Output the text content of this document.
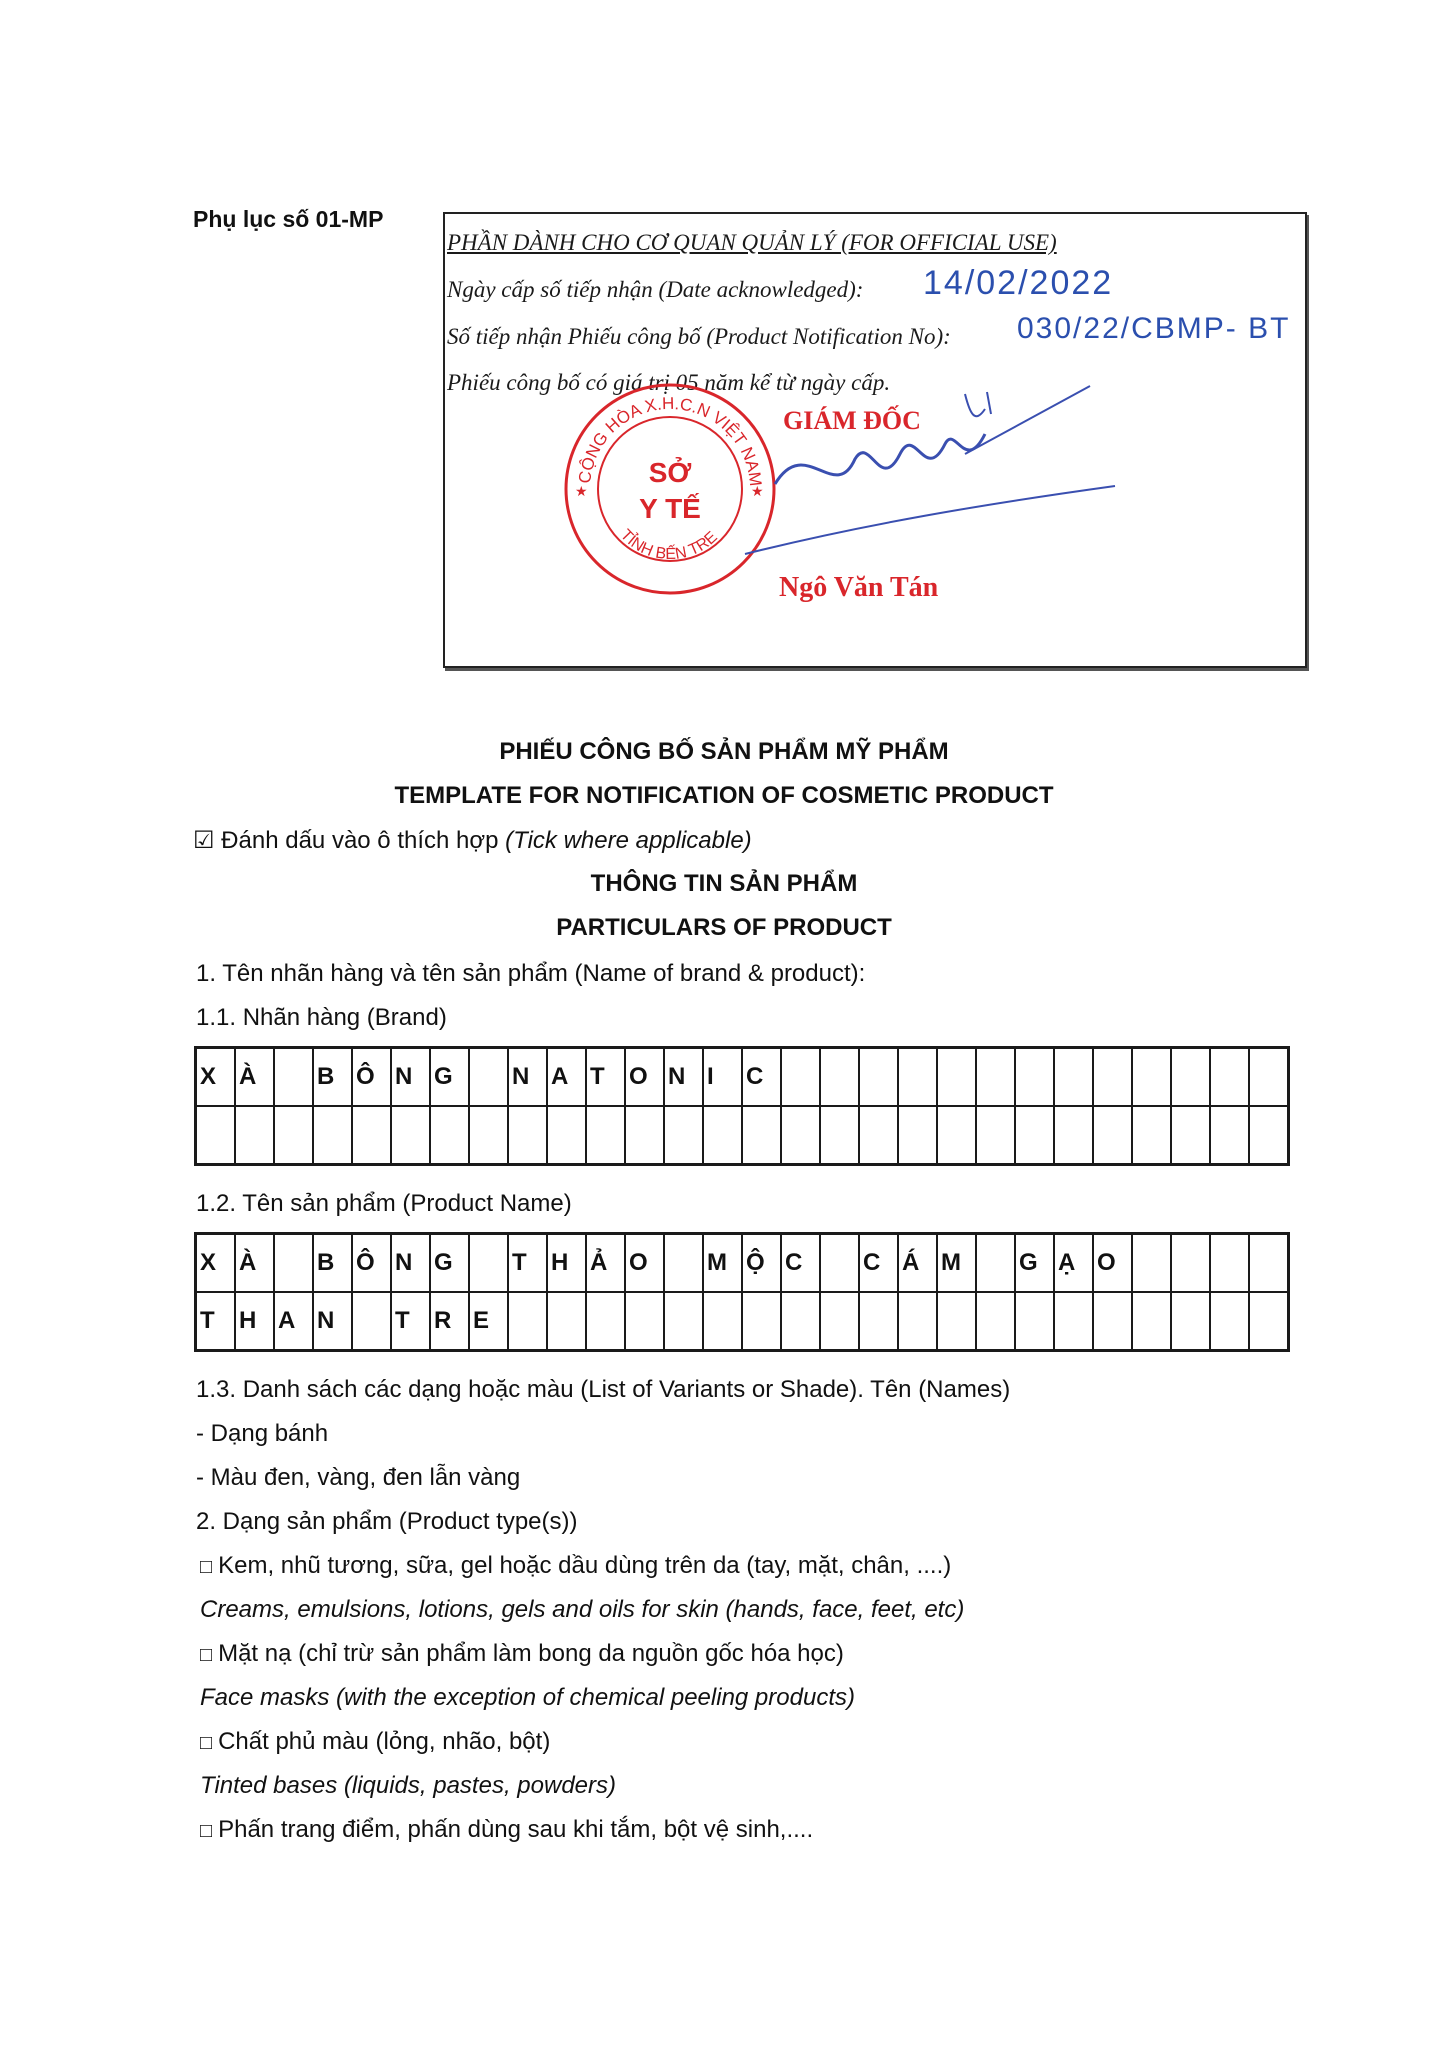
Phụ lục số 01-MP
PHẦN DÀNH CHO CƠ QUAN QUẢN LÝ (FOR OFFICIAL USE)
Ngày cấp số tiếp nhận (Date acknowledged): 14/02/2022
Số tiếp nhận Phiếu công bố (Product Notification No): 030/22/CBMP- BT
Phiếu công bố có giá trị 05 năm kể từ ngày cấp.
CỘNG HÒA X.H.C.N VIỆT NAM
TỈNH BẾN TRE
SỞ
Y TẾ
★	★
GIÁM ĐỐC
Ngô Văn Tán
PHIẾU CÔNG BỐ SẢN PHẨM MỸ PHẨM
TEMPLATE FOR NOTIFICATION OF COSMETIC PRODUCT
☑ Đánh dấu vào ô thích hợp (Tick where applicable)
THÔNG TIN SẢN PHẨM
PARTICULARS OF PRODUCT
1. Tên nhãn hàng và tên sản phẩm (Name of brand & product):
1.1. Nhãn hàng (Brand)
X	À		B	Ô	N	G		N	A	T	O	N	I	C													

1.2. Tên sản phẩm (Product Name)
X	À		B	Ô	N	G		T	H	Ả	O		M	Ộ	C		C	Á	M		G	Ạ	O				
T	H	A	N		T	R	E																				
1.3. Danh sách các dạng hoặc màu (List of Variants or Shade). Tên (Names)
- Dạng bánh
- Màu đen, vàng, đen lẫn vàng
2. Dạng sản phẩm (Product type(s))
□ Kem, nhũ tương, sữa, gel hoặc dầu dùng trên da (tay, mặt, chân, ....)
Creams, emulsions, lotions, gels and oils for skin (hands, face, feet, etc)
□ Mặt nạ (chỉ trừ sản phẩm làm bong da nguồn gốc hóa học)
Face masks (with the exception of chemical peeling products)
□ Chất phủ màu (lỏng, nhão, bột)
Tinted bases (liquids, pastes, powders)
□ Phấn trang điểm, phấn dùng sau khi tắm, bột vệ sinh,....
